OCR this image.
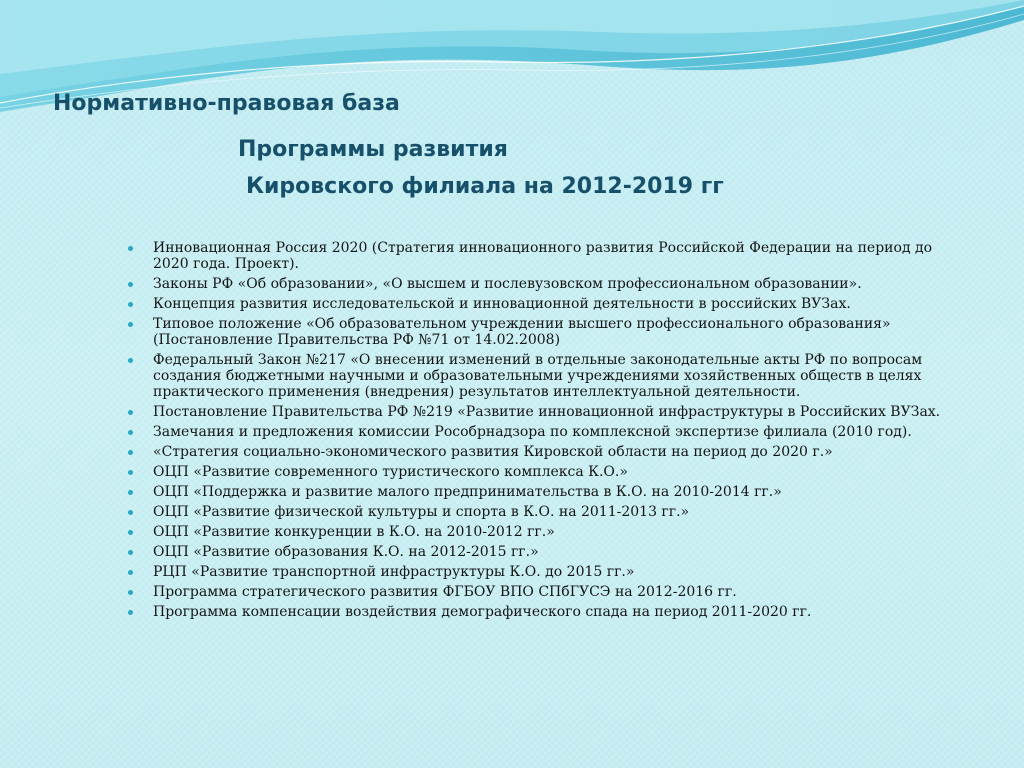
Нормативно-правовая база
Программы развития
Кировского филиала на 2012-2019 гг
Инновационная Россия 2020 (Стратегия инновационного развития Российской Федерации на период до 2020 года. Проект).
Законы РФ «Об образовании», «О высшем и послевузовском профессиональном образовании».
Концепция развития исследовательской и инновационной деятельности в российских ВУЗах.
Типовое положение «Об образовательном учреждении высшего профессионального образования» (Постановление Правительства РФ №71 от 14.02.2008)
Федеральный Закон №217 «О внесении изменений в отдельные законодательные акты РФ по вопросам создания бюджетными научными и образовательными учреждениями хозяйственных обществ в целях практического применения (внедрения) результатов интеллектуальной деятельности.
Постановление Правительства РФ №219 «Развитие инновационной инфраструктуры в Российских ВУЗах.
Замечания и предложения комиссии Рособрнадзора по комплексной экспертизе филиала (2010 год).
«Стратегия социально-экономического развития Кировской области на период до 2020 г.»
ОЦП «Развитие современного туристического комплекса К.О.»
ОЦП «Поддержка и развитие малого предпринимательства в К.О. на 2010-2014 гг.»
ОЦП «Развитие физической культуры и спорта в К.О. на 2011-2013 гг.»
ОЦП «Развитие конкуренции в К.О. на 2010-2012 гг.»
ОЦП «Развитие образования К.О. на 2012-2015 гг.»
РЦП «Развитие транспортной инфраструктуры К.О. до 2015 гг.»
Программа стратегического развития ФГБОУ ВПО СПбГУСЭ на 2012-2016 гг.
Программа компенсации воздействия демографического спада на период 2011-2020 гг.
